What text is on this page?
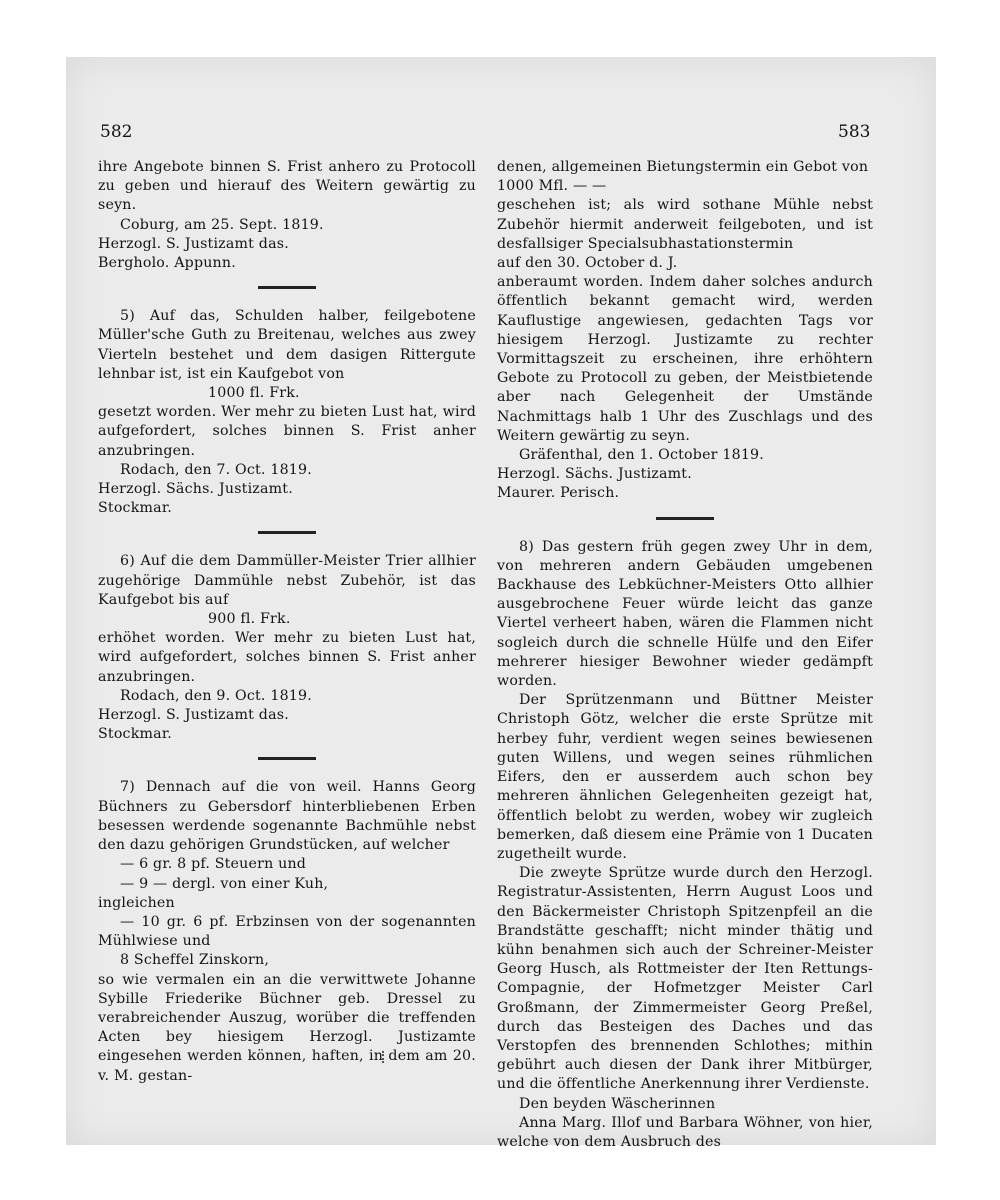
582	583

ihre Angebote binnen S. Frist anhero zu Protocoll zu geben und hierauf des Weitern gewärtig zu seyn.

Coburg, am 25. Sept. 1819.

Herzogl. S. Justizamt das.

Bergholo. Appunn.

5) Auf das, Schulden halber, feilgebotene Müller'sche Guth zu Breitenau, welches aus zwey Vierteln bestehet und dem dasigen Rittergute lehnbar ist, ist ein Kaufgebot von

1000 fl. Frk.

gesetzt worden. Wer mehr zu bieten Lust hat, wird aufgefordert, solches binnen S. Frist anher anzubringen.

Rodach, den 7. Oct. 1819.

Herzogl. Sächs. Justizamt.

Stockmar.

6) Auf die dem Dammüller-Meister Trier allhier zugehörige Dammühle nebst Zubehör, ist das Kaufgebot bis auf

900 fl. Frk.

erhöhet worden. Wer mehr zu bieten Lust hat, wird aufgefordert, solches binnen S. Frist anher anzubringen.

Rodach, den 9. Oct. 1819.

Herzogl. S. Justizamt das.

Stockmar.

7) Dennach auf die von weil. Hanns Georg Büchners zu Gebersdorf hinterbliebenen Erben besessen werdende sogenannte Bachmühle nebst den dazu gehörigen Grundstücken, auf welcher

— 6 gr. 8 pf. Steuern und

— 9 — dergl. von einer Kuh,

ingleichen

— 10 gr. 6 pf. Erbzinsen von der sogenannten Mühlwiese und

8 Scheffel Zinskorn,

so wie vermalen ein an die verwittwete Johanne Sybille Friederike Büchner geb. Dressel zu verabreichender Auszug, worüber die treffenden Acten bey hiesigem Herzogl. Justizamte eingesehen werden können, haften, in dem am 20. v. M. gestan-

denen, allgemeinen Bietungstermin ein Gebot von

1000 Mfl. — —

geschehen ist; als wird sothane Mühle nebst Zubehör hiermit anderweit feilgeboten, und ist desfallsiger Specialsubhastationstermin

auf den 30. October d. J.

anberaumt worden. Indem daher solches andurch öffentlich bekannt gemacht wird, werden Kauflustige angewiesen, gedachten Tags vor hiesigem Herzogl. Justizamte zu rechter Vormittagszeit zu erscheinen, ihre erhöhtern Gebote zu Protocoll zu geben, der Meistbietende aber nach Gelegenheit der Umstände Nachmittags halb 1 Uhr des Zuschlags und des Weitern gewärtig zu seyn.

Gräfenthal, den 1. October 1819.

Herzogl. Sächs. Justizamt.

Maurer. Perisch.

8) Das gestern früh gegen zwey Uhr in dem, von mehreren andern Gebäuden umgebenen Backhause des Lebküchner-Meisters Otto allhier ausgebrochene Feuer würde leicht das ganze Viertel verheert haben, wären die Flammen nicht sogleich durch die schnelle Hülfe und den Eifer mehrerer hiesiger Bewohner wieder gedämpft worden.

Der Sprützenmann und Büttner Meister Christoph Götz, welcher die erste Sprütze mit herbey fuhr, verdient wegen seines bewiesenen guten Willens, und wegen seines rühmlichen Eifers, den er ausserdem auch schon bey mehreren ähnlichen Gelegenheiten gezeigt hat, öffentlich belobt zu werden, wobey wir zugleich bemerken, daß diesem eine Prämie von 1 Ducaten zugetheilt wurde.

Die zweyte Sprütze wurde durch den Herzogl. Registratur-Assistenten, Herrn August Loos und den Bäckermeister Christoph Spitzenpfeil an die Brandstätte geschafft; nicht minder thätig und kühn benahmen sich auch der Schreiner-Meister Georg Husch, als Rottmeister der Iten Rettungs-Compagnie, der Hofmetzger Meister Carl Großmann, der Zimmermeister Georg Preßel, durch das Besteigen des Daches und das Verstopfen des brennenden Schlothes; mithin gebührt auch diesen der Dank ihrer Mitbürger, und die öffentliche Anerkennung ihrer Verdienste.

Den beyden Wäscherinnen

Anna Marg. Illof und Barbara Wöhner, von hier, welche von dem Ausbruch des
